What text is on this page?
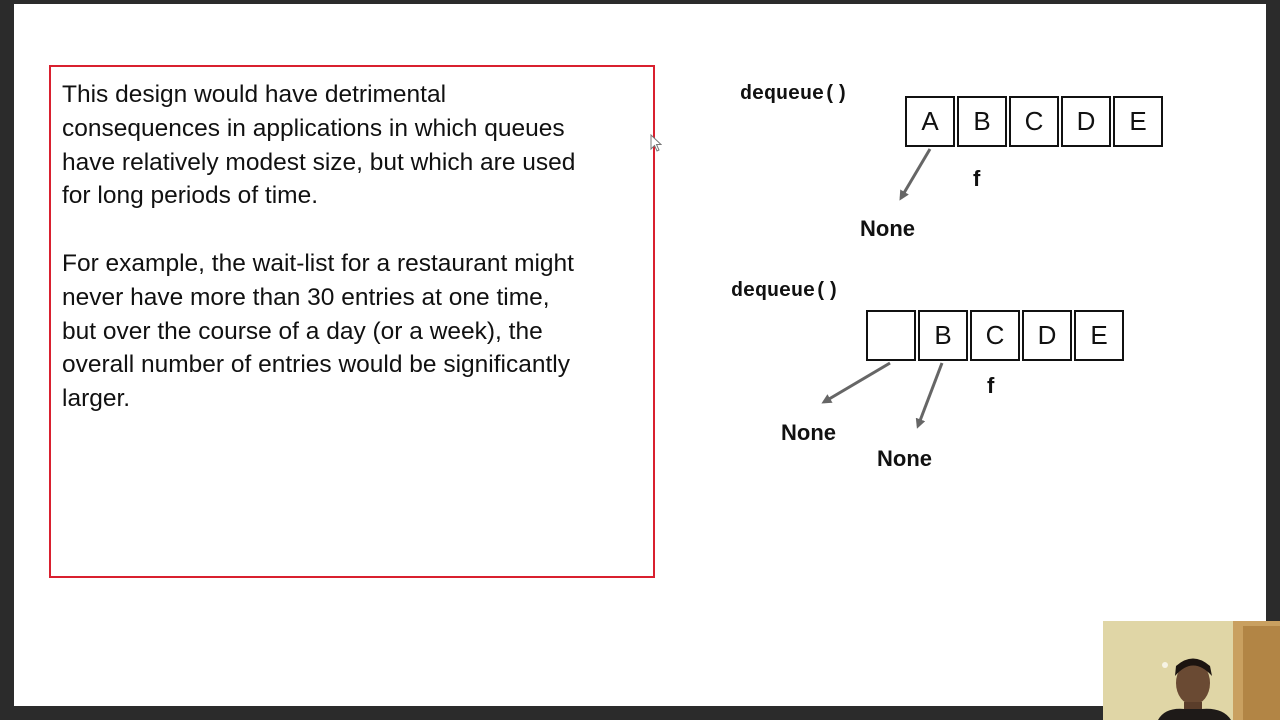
This design would have detrimental
consequences in applications in which queues
have relatively modest size, but which are used
for long periods of time.

For example, the wait-list for a restaurant might
never have more than 30 entries at one time,
but over the course of a day (or a week), the
overall number of entries would be significantly
larger.

dequeue()
A	B	C	D	E
f
None
dequeue()
B	C	D	E
f
None
None
